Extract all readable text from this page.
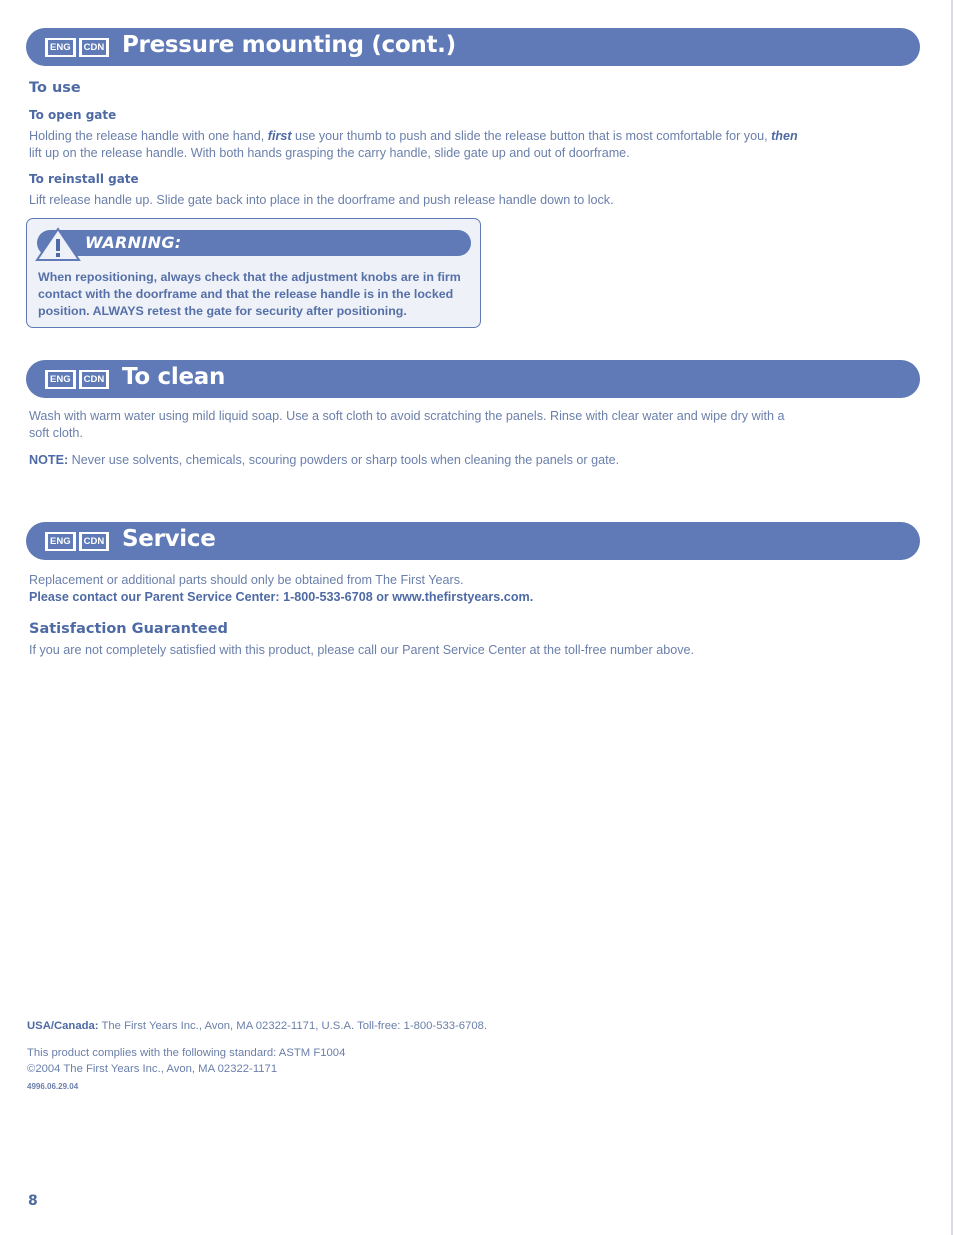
ENG	CDN Pressure mounting (cont.)
To use
To open gate
Holding the release handle with one hand, first use your thumb to push and slide the release button that is most comfortable for you, then lift up on the release handle. With both hands grasping the carry handle, slide gate up and out of doorframe.
To reinstall gate
Lift release handle up. Slide gate back into place in the doorframe and push release handle down to lock.
WARNING:
When repositioning, always check that the adjustment knobs are in firm contact with the doorframe and that the release handle is in the locked position. ALWAYS retest the gate for security after positioning.
ENG	CDN To clean
Wash with warm water using mild liquid soap. Use a soft cloth to avoid scratching the panels. Rinse with clear water and wipe dry with a soft cloth.
NOTE: Never use solvents, chemicals, scouring powders or sharp tools when cleaning the panels or gate.
ENG	CDN Service
Replacement or additional parts should only be obtained from The First Years.
Please contact our Parent Service Center: 1-800-533-6708 or www.thefirstyears.com.
Satisfaction Guaranteed
If you are not completely satisfied with this product, please call our Parent Service Center at the toll-free number above.
USA/Canada: The First Years Inc., Avon, MA 02322-1171, U.S.A. Toll-free: 1-800-533-6708.
This product complies with the following standard: ASTM F1004
©2004 The First Years Inc., Avon, MA 02322-1171
4996.06.29.04
8
